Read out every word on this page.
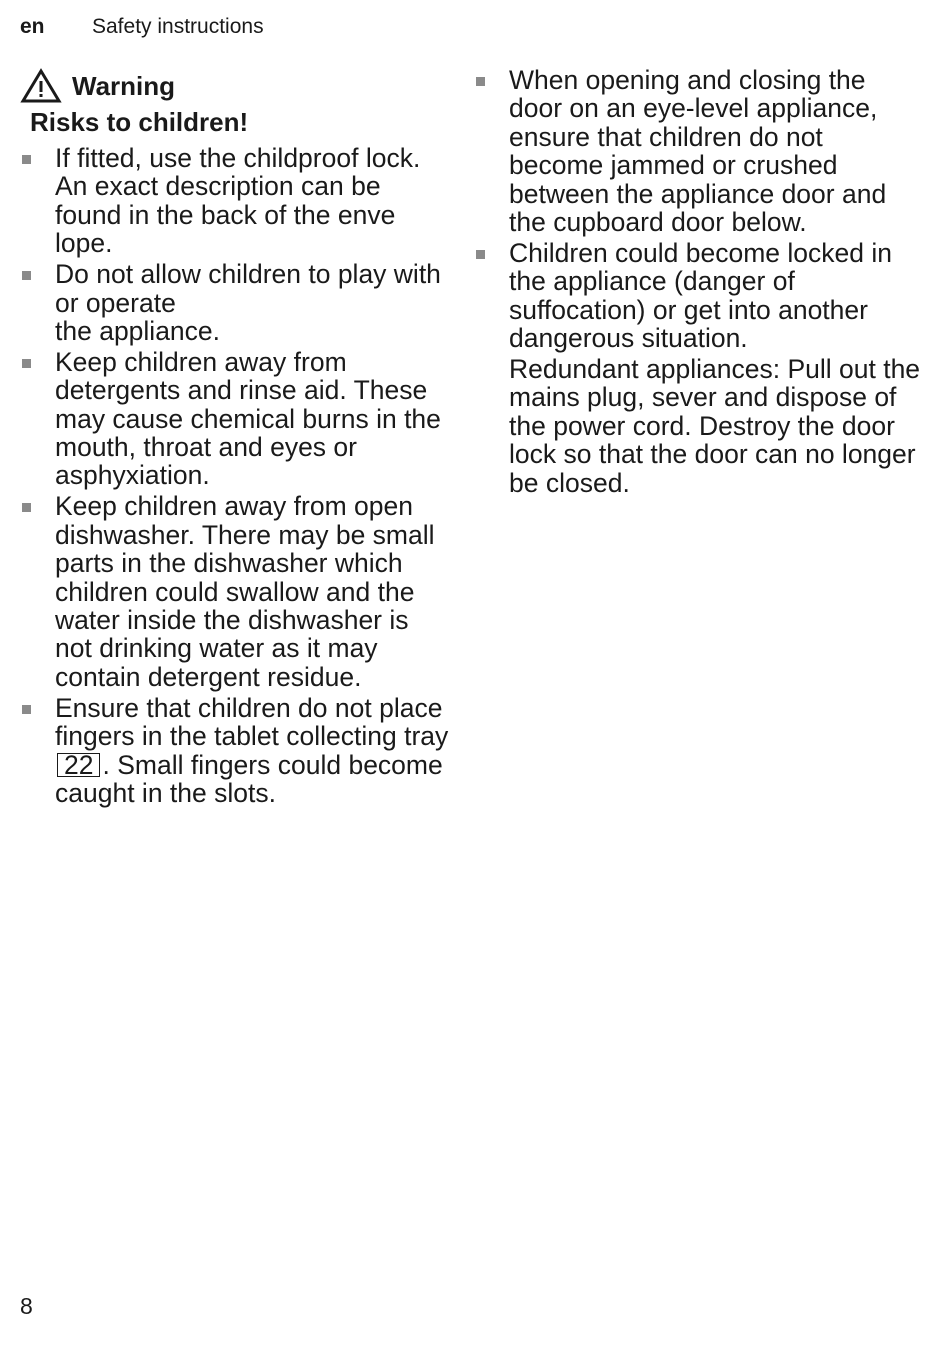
en	Safety instructions
Warning
Risks to children!
If fitted, use the childproof lock. An exact description can be
found in the back of the enve lope.
Do not allow children to play with or operate
the appliance.
Keep children away from detergents and rinse aid. These may cause chemical burns in the mouth, throat and eyes or asphyxiation.
Keep children away from open dishwasher. There may be small parts in the dishwasher which children could swallow and the water inside the dishwasher is not drinking water as it may contain detergent residue.
Ensure that children do not place fingers in the tablet collecting tray 22 . Small fingers could become caught in the slots.
When opening and closing the door on an eye-level appliance, ensure that children do not become jammed or crushed between the appliance door and the cupboard door below.
Children could become locked in the appliance (danger of suffocation) or get into another dangerous situation.
Redundant appliances: Pull out the mains plug, sever and dispose of the power cord. Destroy the door lock so that the door can no longer be closed.
8
